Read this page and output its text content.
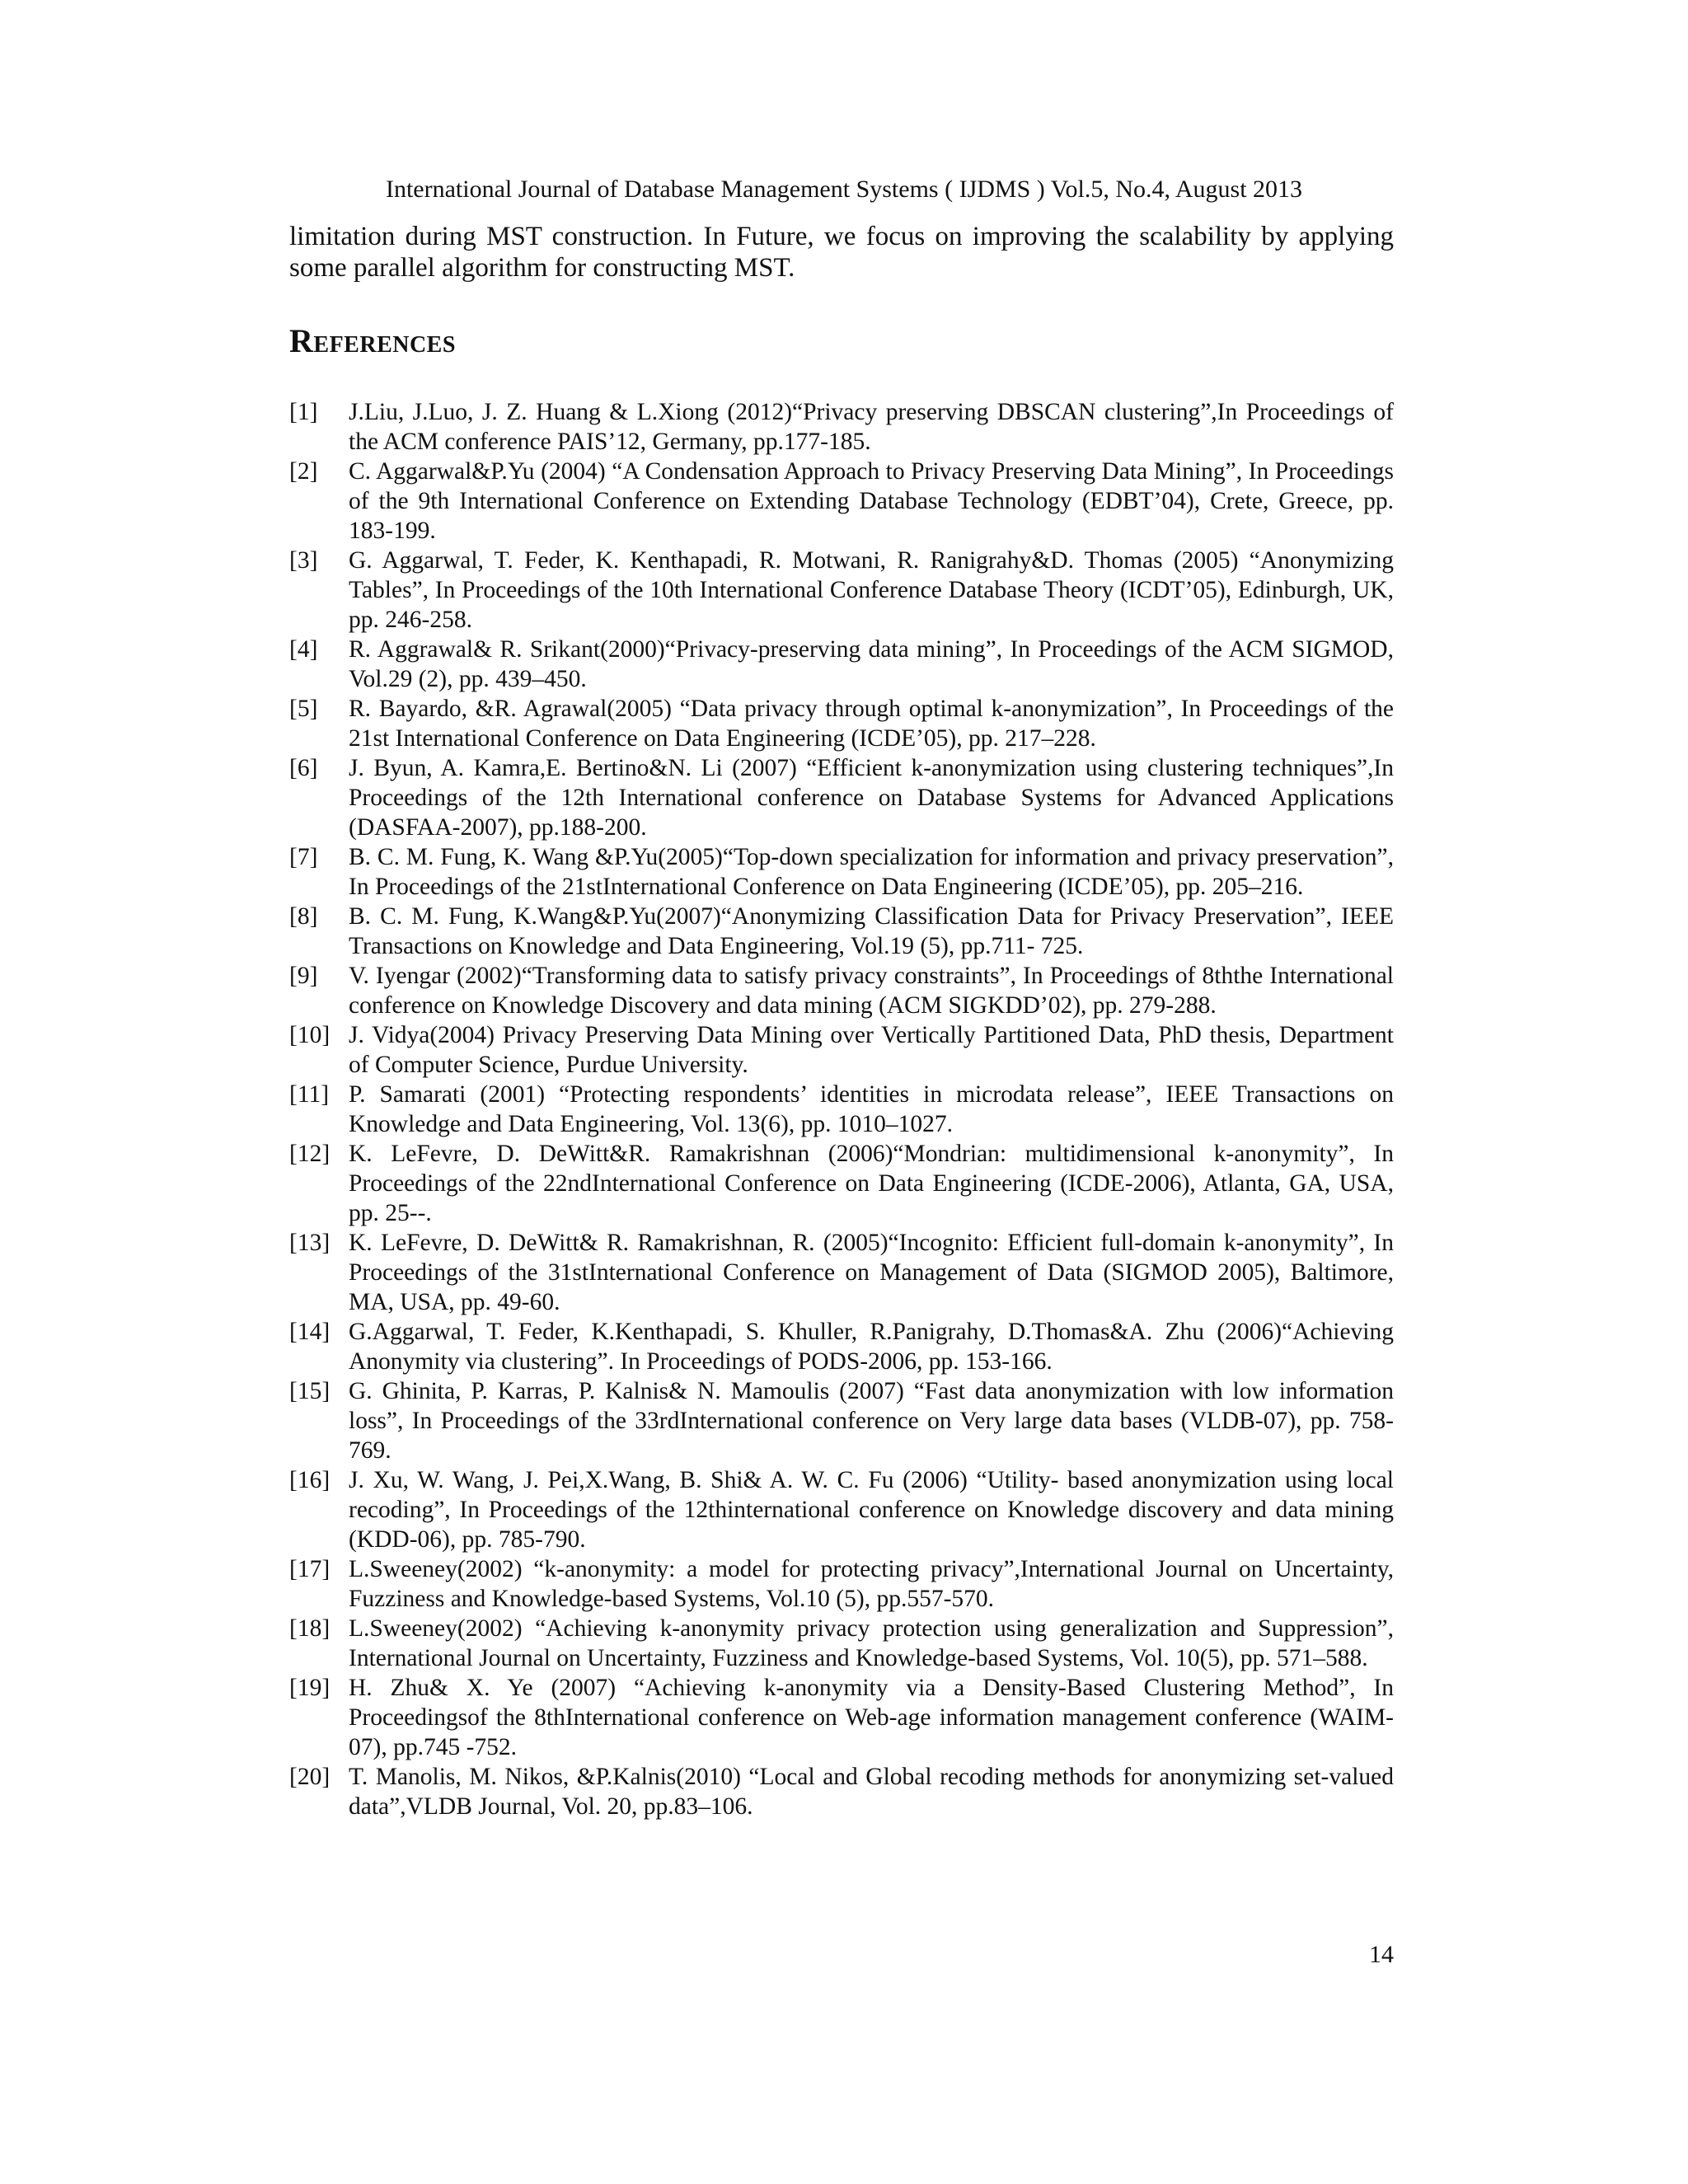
International Journal of Database Management Systems ( IJDMS ) Vol.5, No.4, August 2013

limitation during MST construction. In Future, we focus on improving the scalability by applying some parallel algorithm for constructing MST.

References
[1]	J.Liu, J.Luo, J. Z. Huang & L.Xiong (2012)“Privacy preserving DBSCAN clustering”,In Proceedings of the ACM conference PAIS’12, Germany, pp.177-185.
[2]	C. Aggarwal&P.Yu (2004) “A Condensation Approach to Privacy Preserving Data Mining”, In Proceedings of the 9th International Conference on Extending Database Technology (EDBT’04), Crete, Greece, pp. 183-199.
[3]	G. Aggarwal, T. Feder, K. Kenthapadi, R. Motwani, R. Ranigrahy&D. Thomas (2005) “Anonymizing Tables”, In Proceedings of the 10th International Conference Database Theory (ICDT’05), Edinburgh, UK, pp. 246-258.
[4]	R. Aggrawal& R. Srikant(2000)“Privacy-preserving data mining”, In Proceedings of the ACM SIGMOD, Vol.29 (2), pp. 439–450.
[5]	R. Bayardo, &R. Agrawal(2005) “Data privacy through optimal k-anonymization”, In Proceedings of the 21st International Conference on Data Engineering (ICDE’05), pp. 217–228.
[6]	J. Byun, A. Kamra,E. Bertino&N. Li (2007) “Efficient k-anonymization using clustering techniques”,In Proceedings of the 12th International conference on Database Systems for Advanced Applications (DASFAA-2007), pp.188-200.
[7]	B. C. M. Fung, K. Wang &P.Yu(2005)“Top-down specialization for information and privacy preservation”, In Proceedings of the 21stInternational Conference on Data Engineering (ICDE’05), pp. 205–216.
[8]	B. C. M. Fung, K.Wang&P.Yu(2007)“Anonymizing Classification Data for Privacy Preservation”, IEEE Transactions on Knowledge and Data Engineering, Vol.19 (5), pp.711- 725.
[9]	V. Iyengar (2002)“Transforming data to satisfy privacy constraints”, In Proceedings of 8ththe International conference on Knowledge Discovery and data mining (ACM SIGKDD’02), pp. 279-288.
[10] J. Vidya(2004) Privacy Preserving Data Mining over Vertically Partitioned Data, PhD thesis, Department of Computer Science, Purdue University.
[11] P. Samarati (2001) “Protecting respondents’ identities in microdata release”, IEEE Transactions on Knowledge and Data Engineering, Vol. 13(6), pp. 1010–1027.
[12] K. LeFevre, D. DeWitt&R. Ramakrishnan (2006)“Mondrian: multidimensional k-anonymity”, In Proceedings of the 22ndInternational Conference on Data Engineering (ICDE-2006), Atlanta, GA, USA, pp. 25--.
[13] K. LeFevre, D. DeWitt& R. Ramakrishnan, R. (2005)“Incognito: Efficient full-domain k-anonymity”, In Proceedings of the 31stInternational Conference on Management of Data (SIGMOD 2005), Baltimore, MA, USA, pp. 49-60.
[14] G.Aggarwal, T. Feder, K.Kenthapadi, S. Khuller, R.Panigrahy, D.Thomas&A. Zhu (2006)“Achieving Anonymity via clustering”. In Proceedings of PODS-2006, pp. 153-166.
[15] G. Ghinita, P. Karras, P. Kalnis& N. Mamoulis (2007) “Fast data anonymization with low information loss”, In Proceedings of the 33rdInternational conference on Very large data bases (VLDB-07), pp. 758-769.
[16] J. Xu, W. Wang, J. Pei,X.Wang, B. Shi& A. W. C. Fu (2006) “Utility- based anonymization using local recoding”, In Proceedings of the 12thinternational conference on Knowledge discovery and data mining (KDD-06), pp. 785-790.
[17] L.Sweeney(2002) “k-anonymity: a model for protecting privacy”,International Journal on Uncertainty, Fuzziness and Knowledge-based Systems, Vol.10 (5), pp.557-570.
[18] L.Sweeney(2002) “Achieving k-anonymity privacy protection using generalization and Suppression”, International Journal on Uncertainty, Fuzziness and Knowledge-based Systems, Vol. 10(5), pp. 571–588.
[19] H. Zhu& X. Ye (2007) “Achieving k-anonymity via a Density-Based Clustering Method”, In Proceedingsof the 8thInternational conference on Web-age information management conference (WAIM-07), pp.745 -752.
[20] T. Manolis, M. Nikos, &P.Kalnis(2010) “Local and Global recoding methods for anonymizing set-valued data”,VLDB Journal, Vol. 20, pp.83–106.
14
